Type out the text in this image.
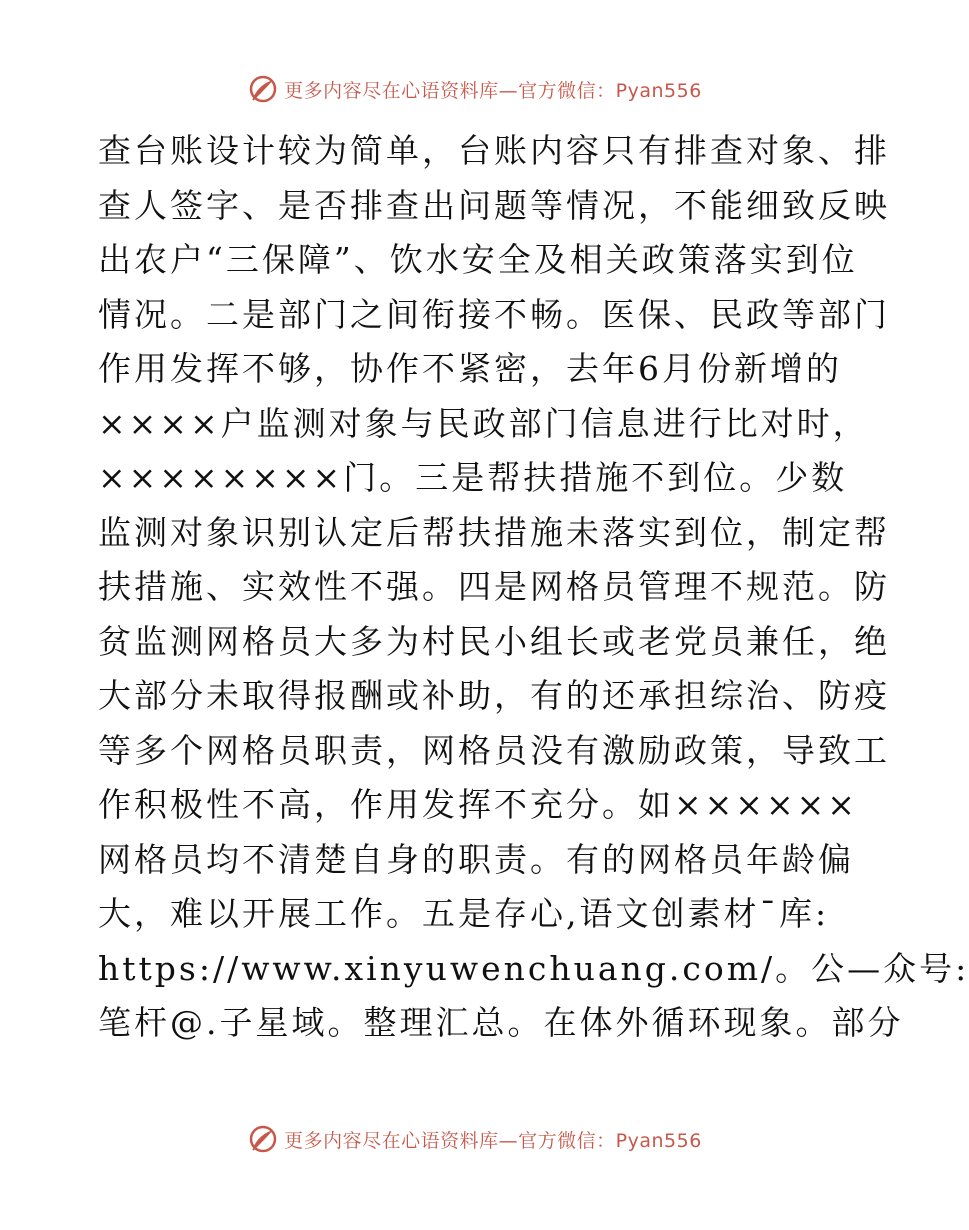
更多内容尽在心语资料库—官方微信：Pyan556
查台账设计较为简单，台账内容只有排查对象、排
查人签字、是否排查出问题等情况，不能细致反映
出农户“三保障”、饮水安全及相关政策落实到位
情况。二是部门之间衔接不畅。医保、民政等部门
作用发挥不够，协作不紧密，去年6月份新增的
××××户监测对象与民政部门信息进行比对时，
××××××××门。三是帮扶措施不到位。少数
监测对象识别认定后帮扶措施未落实到位，制定帮
扶措施、实效性不强。四是网格员管理不规范。防
贫监测网格员大多为村民小组长或老党员兼任，绝
大部分未取得报酬或补助，有的还承担综治、防疫
等多个网格员职责，网格员没有激励政策，导致工
作积极性不高，作用发挥不充分。如××××××
网格员均不清楚自身的职责。有的网格员年龄偏
大，难以开展工作。五是存心,语文创素材¯库:
https://www.xinyuwenchuang.com/。公—众号:
笔杆@.子星域。整理汇总。在体外循环现象。部分
更多内容尽在心语资料库—官方微信：Pyan556
